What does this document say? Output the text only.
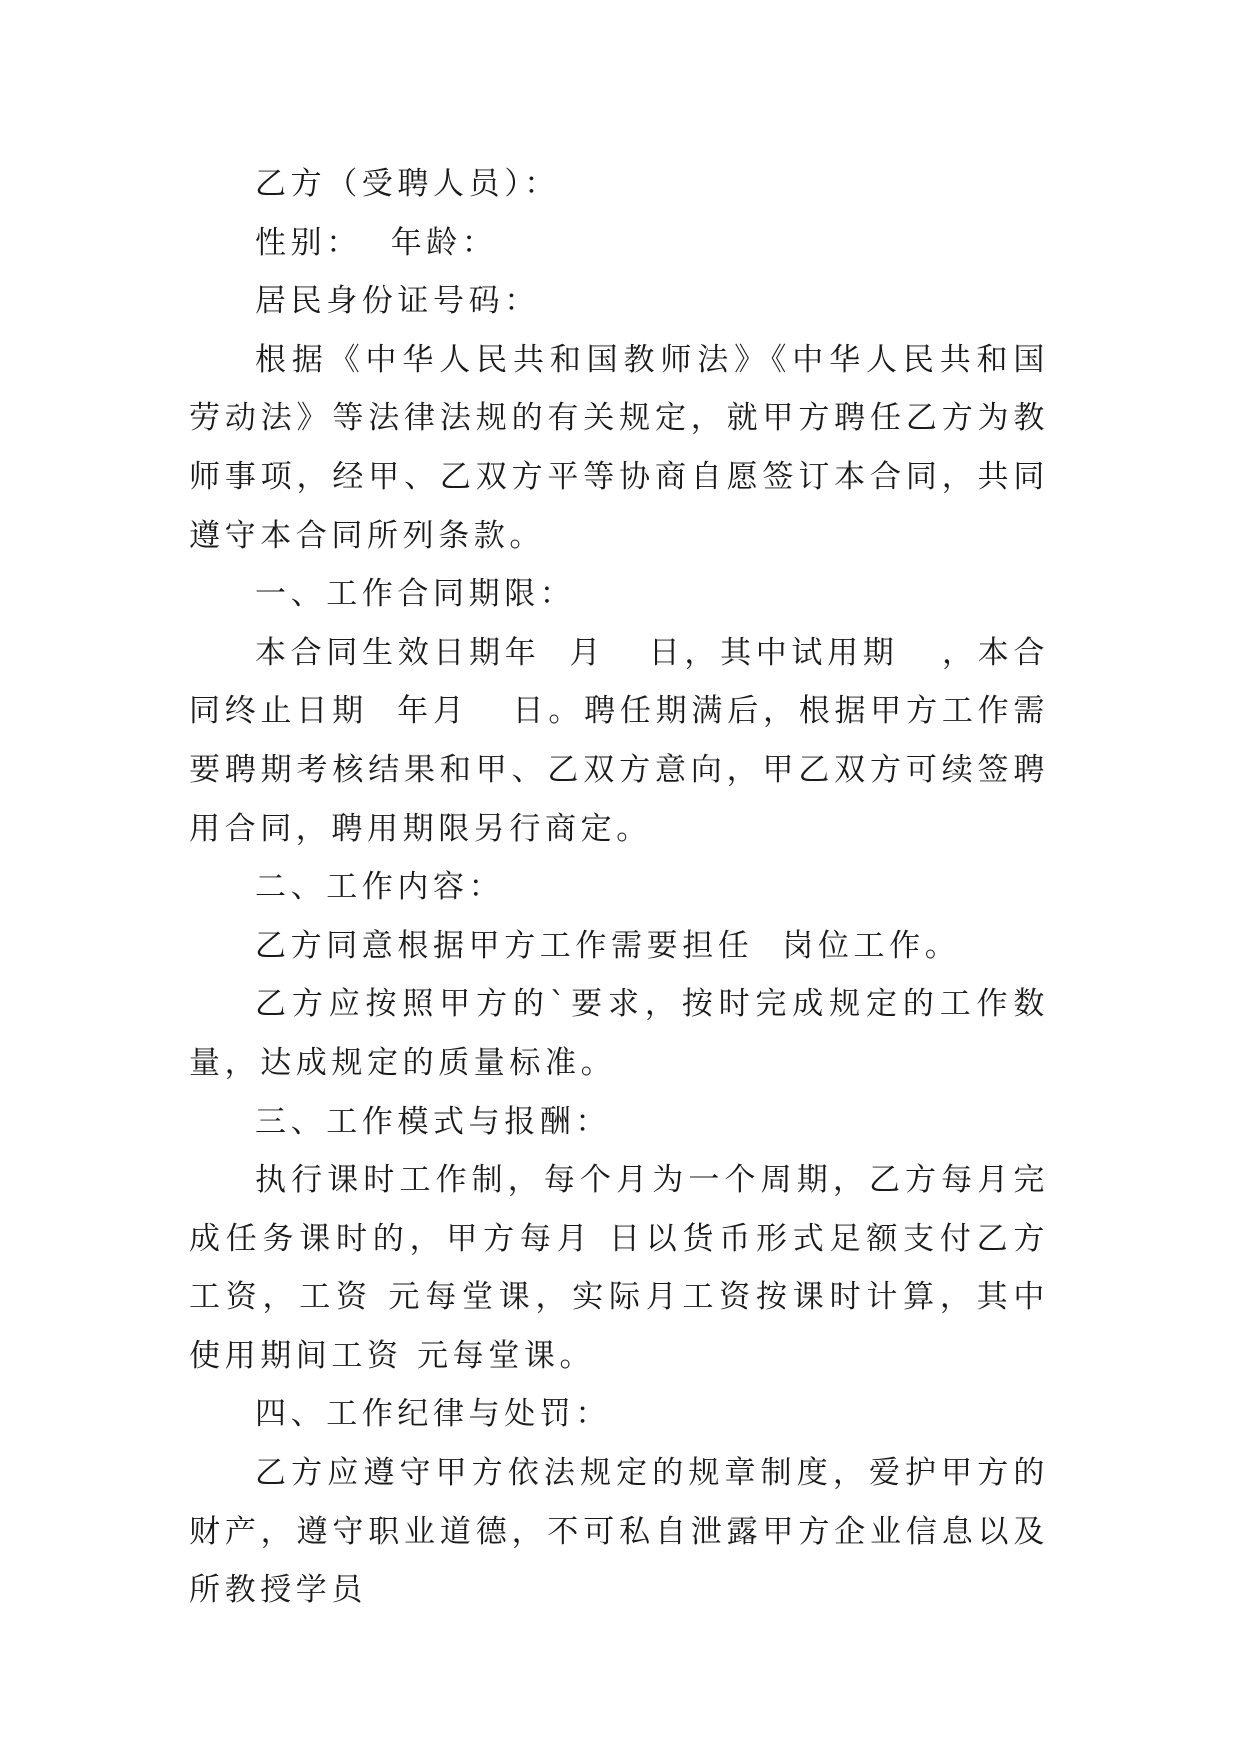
乙方（受聘人员）：

性别：  年龄：

居民身份证号码：

根据《中华人民共和国教师法》《中华人民共和国劳动法》等法律法规的有关规定，就甲方聘任乙方为教师事项，经甲、乙双方平等协商自愿签订本合同，共同遵守本合同所列条款。

一、工作合同期限：

本合同生效日期年  月   日，其中试用期   ，本合同终止日期  年月   日。聘任期满后，根据甲方工作需要聘期考核结果和甲、乙双方意向，甲乙双方可续签聘用合同，聘用期限另行商定。

二、工作内容：

乙方同意根据甲方工作需要担任  岗位工作。

乙方应按照甲方的`要求，按时完成规定的工作数量，达成规定的质量标准。

三、工作模式与报酬：

执行课时工作制，每个月为一个周期，乙方每月完成任务课时的，甲方每月 日以货币形式足额支付乙方工资，工资 元每堂课，实际月工资按课时计算，其中使用期间工资 元每堂课。

四、工作纪律与处罚：

乙方应遵守甲方依法规定的规章制度，爱护甲方的财产，遵守职业道德，不可私自泄露甲方企业信息以及所教授学员
